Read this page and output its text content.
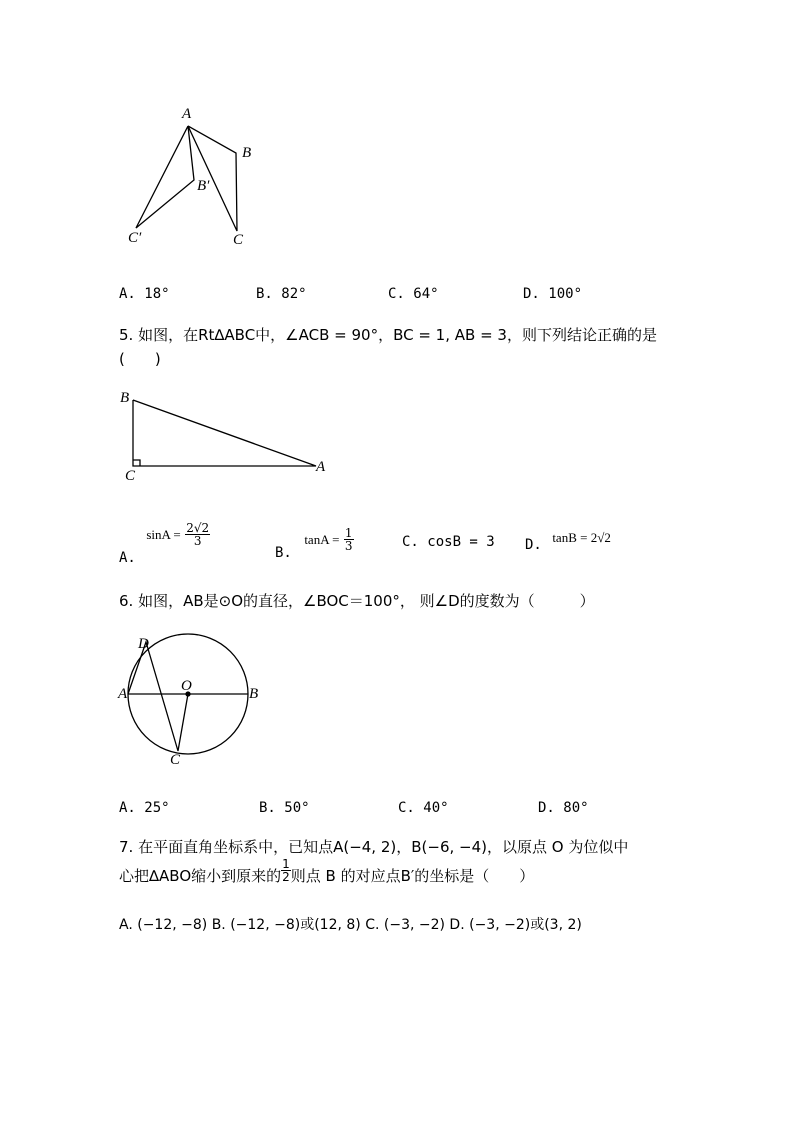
A
B
B′
C
C′
A. 18°	B. 82°	C. 64°	D. 100°
5. 如图，在Rt∆ABC中，∠ACB = 90°，BC = 1, AB = 3，则下列结论正确的是
(　　)
B
C
A
A. $\sin A = \frac{2√2}{3}$
B. $\tan A = \frac{1}{3}$	C. cosB = 3 D. tanB = 2√2
6. 如图，AB是⊙O的直径，∠BOC＝100°， 则∠D的度数为（　　　）
D
A	O	B
C
A. 25°	B. 50°	C. 40°	D. 80°
7. 在平面直角坐标系中，已知点A(−4, 2)，B(−6, −4)，以原点 O 为位似中
心把∆ABO缩小到原来的 $\frac{1}{2}$ 则点 B 的对应点B′的坐标是（　　）
A. (−12, −8) B. (−12, −8)或(12, 8) C. (−3, −2) D. (−3, −2)或(3, 2)
